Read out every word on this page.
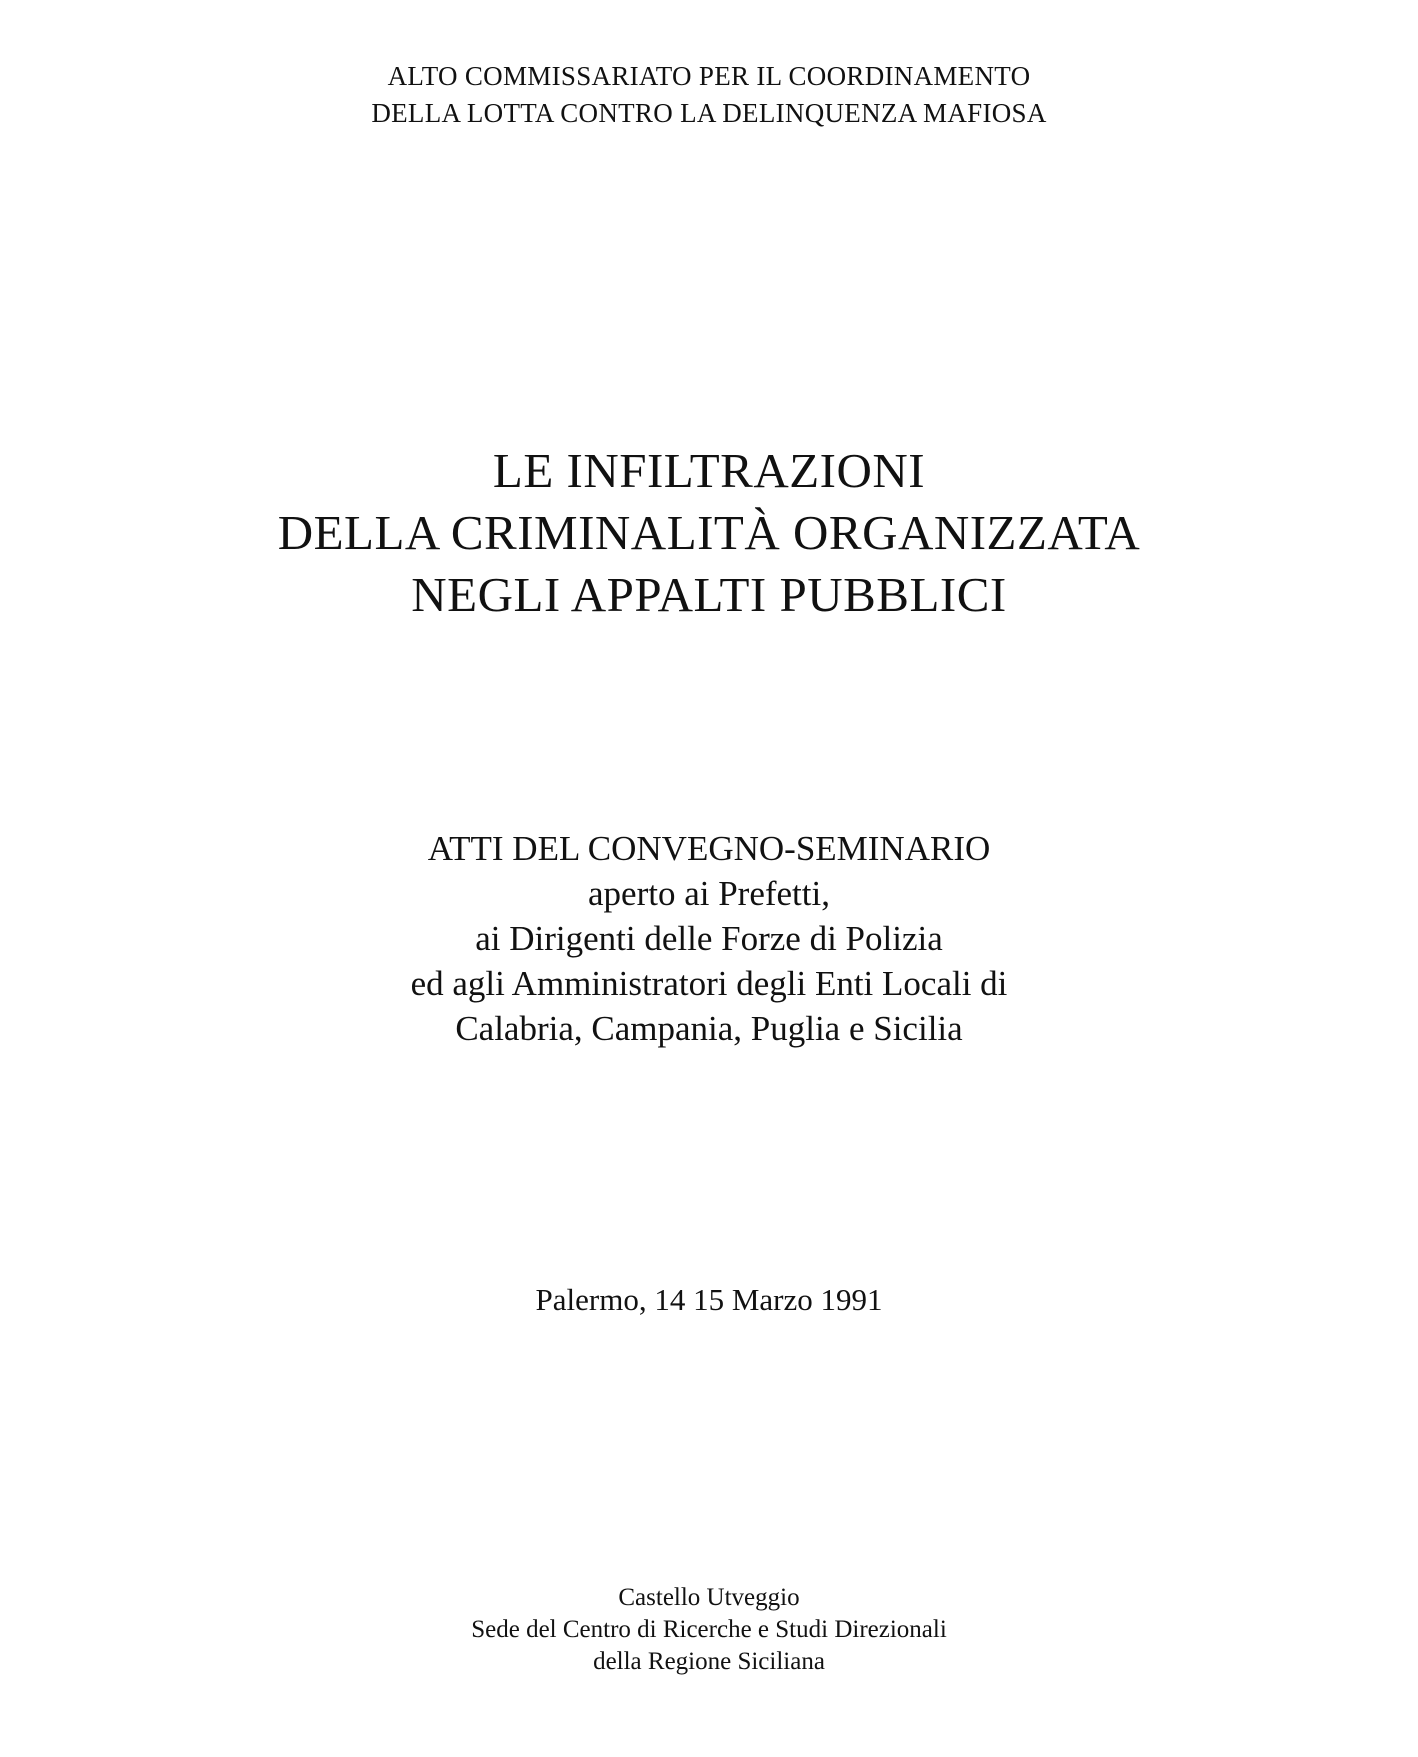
ALTO COMMISSARIATO PER IL COORDINAMENTO
DELLA LOTTA CONTRO LA DELINQUENZA MAFIOSA
LE INFILTRAZIONI
DELLA CRIMINALITÀ ORGANIZZATA
NEGLI APPALTI PUBBLICI
ATTI DEL CONVEGNO-SEMINARIO
aperto ai Prefetti,
ai Dirigenti delle Forze di Polizia
ed agli Amministratori degli Enti Locali di
Calabria, Campania, Puglia e Sicilia
Palermo, 14 15 Marzo 1991
Castello Utveggio
Sede del Centro di Ricerche e Studi Direzionali
della Regione Siciliana
